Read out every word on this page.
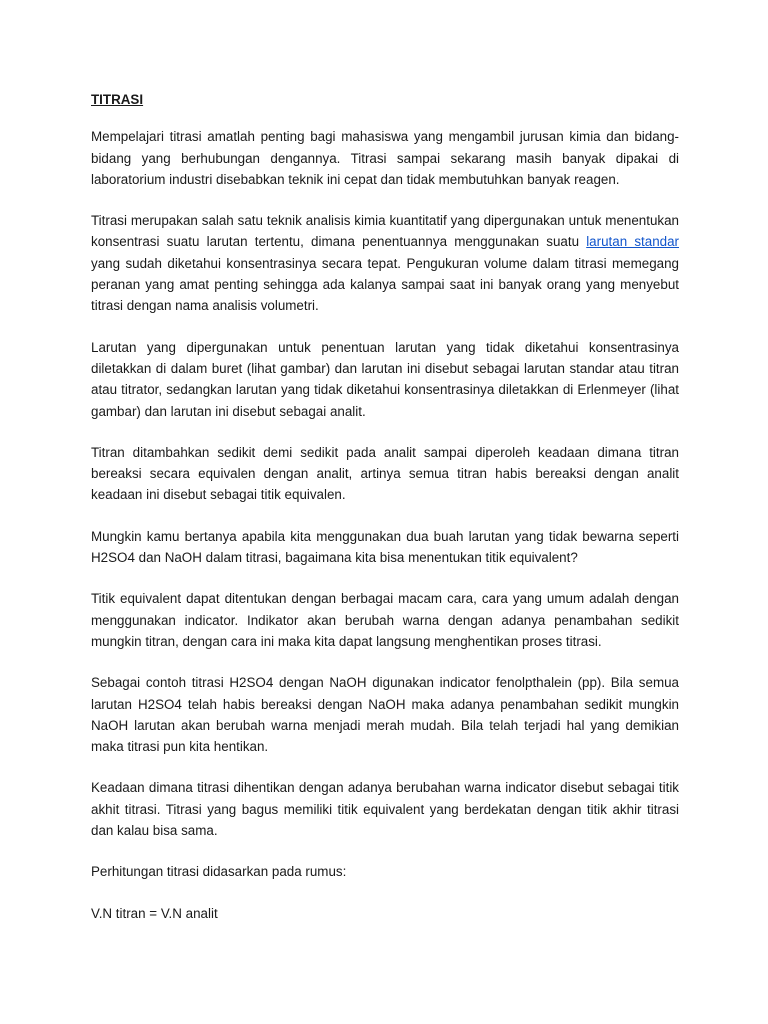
TITRASI

Mempelajari titrasi amatlah penting bagi mahasiswa yang mengambil jurusan kimia dan bidang-bidang yang berhubungan dengannya. Titrasi sampai sekarang masih banyak dipakai di laboratorium industri disebabkan teknik ini cepat dan tidak membutuhkan banyak reagen.

Titrasi merupakan salah satu teknik analisis kimia kuantitatif yang dipergunakan untuk menentukan konsentrasi suatu larutan tertentu, dimana penentuannya menggunakan suatu larutan standar yang sudah diketahui konsentrasinya secara tepat. Pengukuran volume dalam titrasi memegang peranan yang amat penting sehingga ada kalanya sampai saat ini banyak orang yang menyebut titrasi dengan nama analisis volumetri.

Larutan yang dipergunakan untuk penentuan larutan yang tidak diketahui konsentrasinya diletakkan di dalam buret (lihat gambar) dan larutan ini disebut sebagai larutan standar atau titran atau titrator, sedangkan larutan yang tidak diketahui konsentrasinya diletakkan di Erlenmeyer (lihat gambar) dan larutan ini disebut sebagai analit.

Titran ditambahkan sedikit demi sedikit pada analit sampai diperoleh keadaan dimana titran bereaksi secara equivalen dengan analit, artinya semua titran habis bereaksi dengan analit keadaan ini disebut sebagai titik equivalen.

Mungkin kamu bertanya apabila kita menggunakan dua buah larutan yang tidak bewarna seperti H2SO4 dan NaOH dalam titrasi, bagaimana kita bisa menentukan titik equivalent?

Titik equivalent dapat ditentukan dengan berbagai macam cara, cara yang umum adalah dengan menggunakan indicator. Indikator akan berubah warna dengan adanya penambahan sedikit mungkin titran, dengan cara ini maka kita dapat langsung menghentikan proses titrasi.

Sebagai contoh titrasi H2SO4 dengan NaOH digunakan indicator fenolpthalein (pp). Bila semua larutan H2SO4 telah habis bereaksi dengan NaOH maka adanya penambahan sedikit mungkin NaOH larutan akan berubah warna menjadi merah mudah. Bila telah terjadi hal yang demikian maka titrasi pun kita hentikan.

Keadaan dimana titrasi dihentikan dengan adanya berubahan warna indicator disebut sebagai titik akhit titrasi. Titrasi yang bagus memiliki titik equivalent yang berdekatan dengan titik akhir titrasi dan kalau bisa sama.

Perhitungan titrasi didasarkan pada rumus:

V.N titran = V.N analit
